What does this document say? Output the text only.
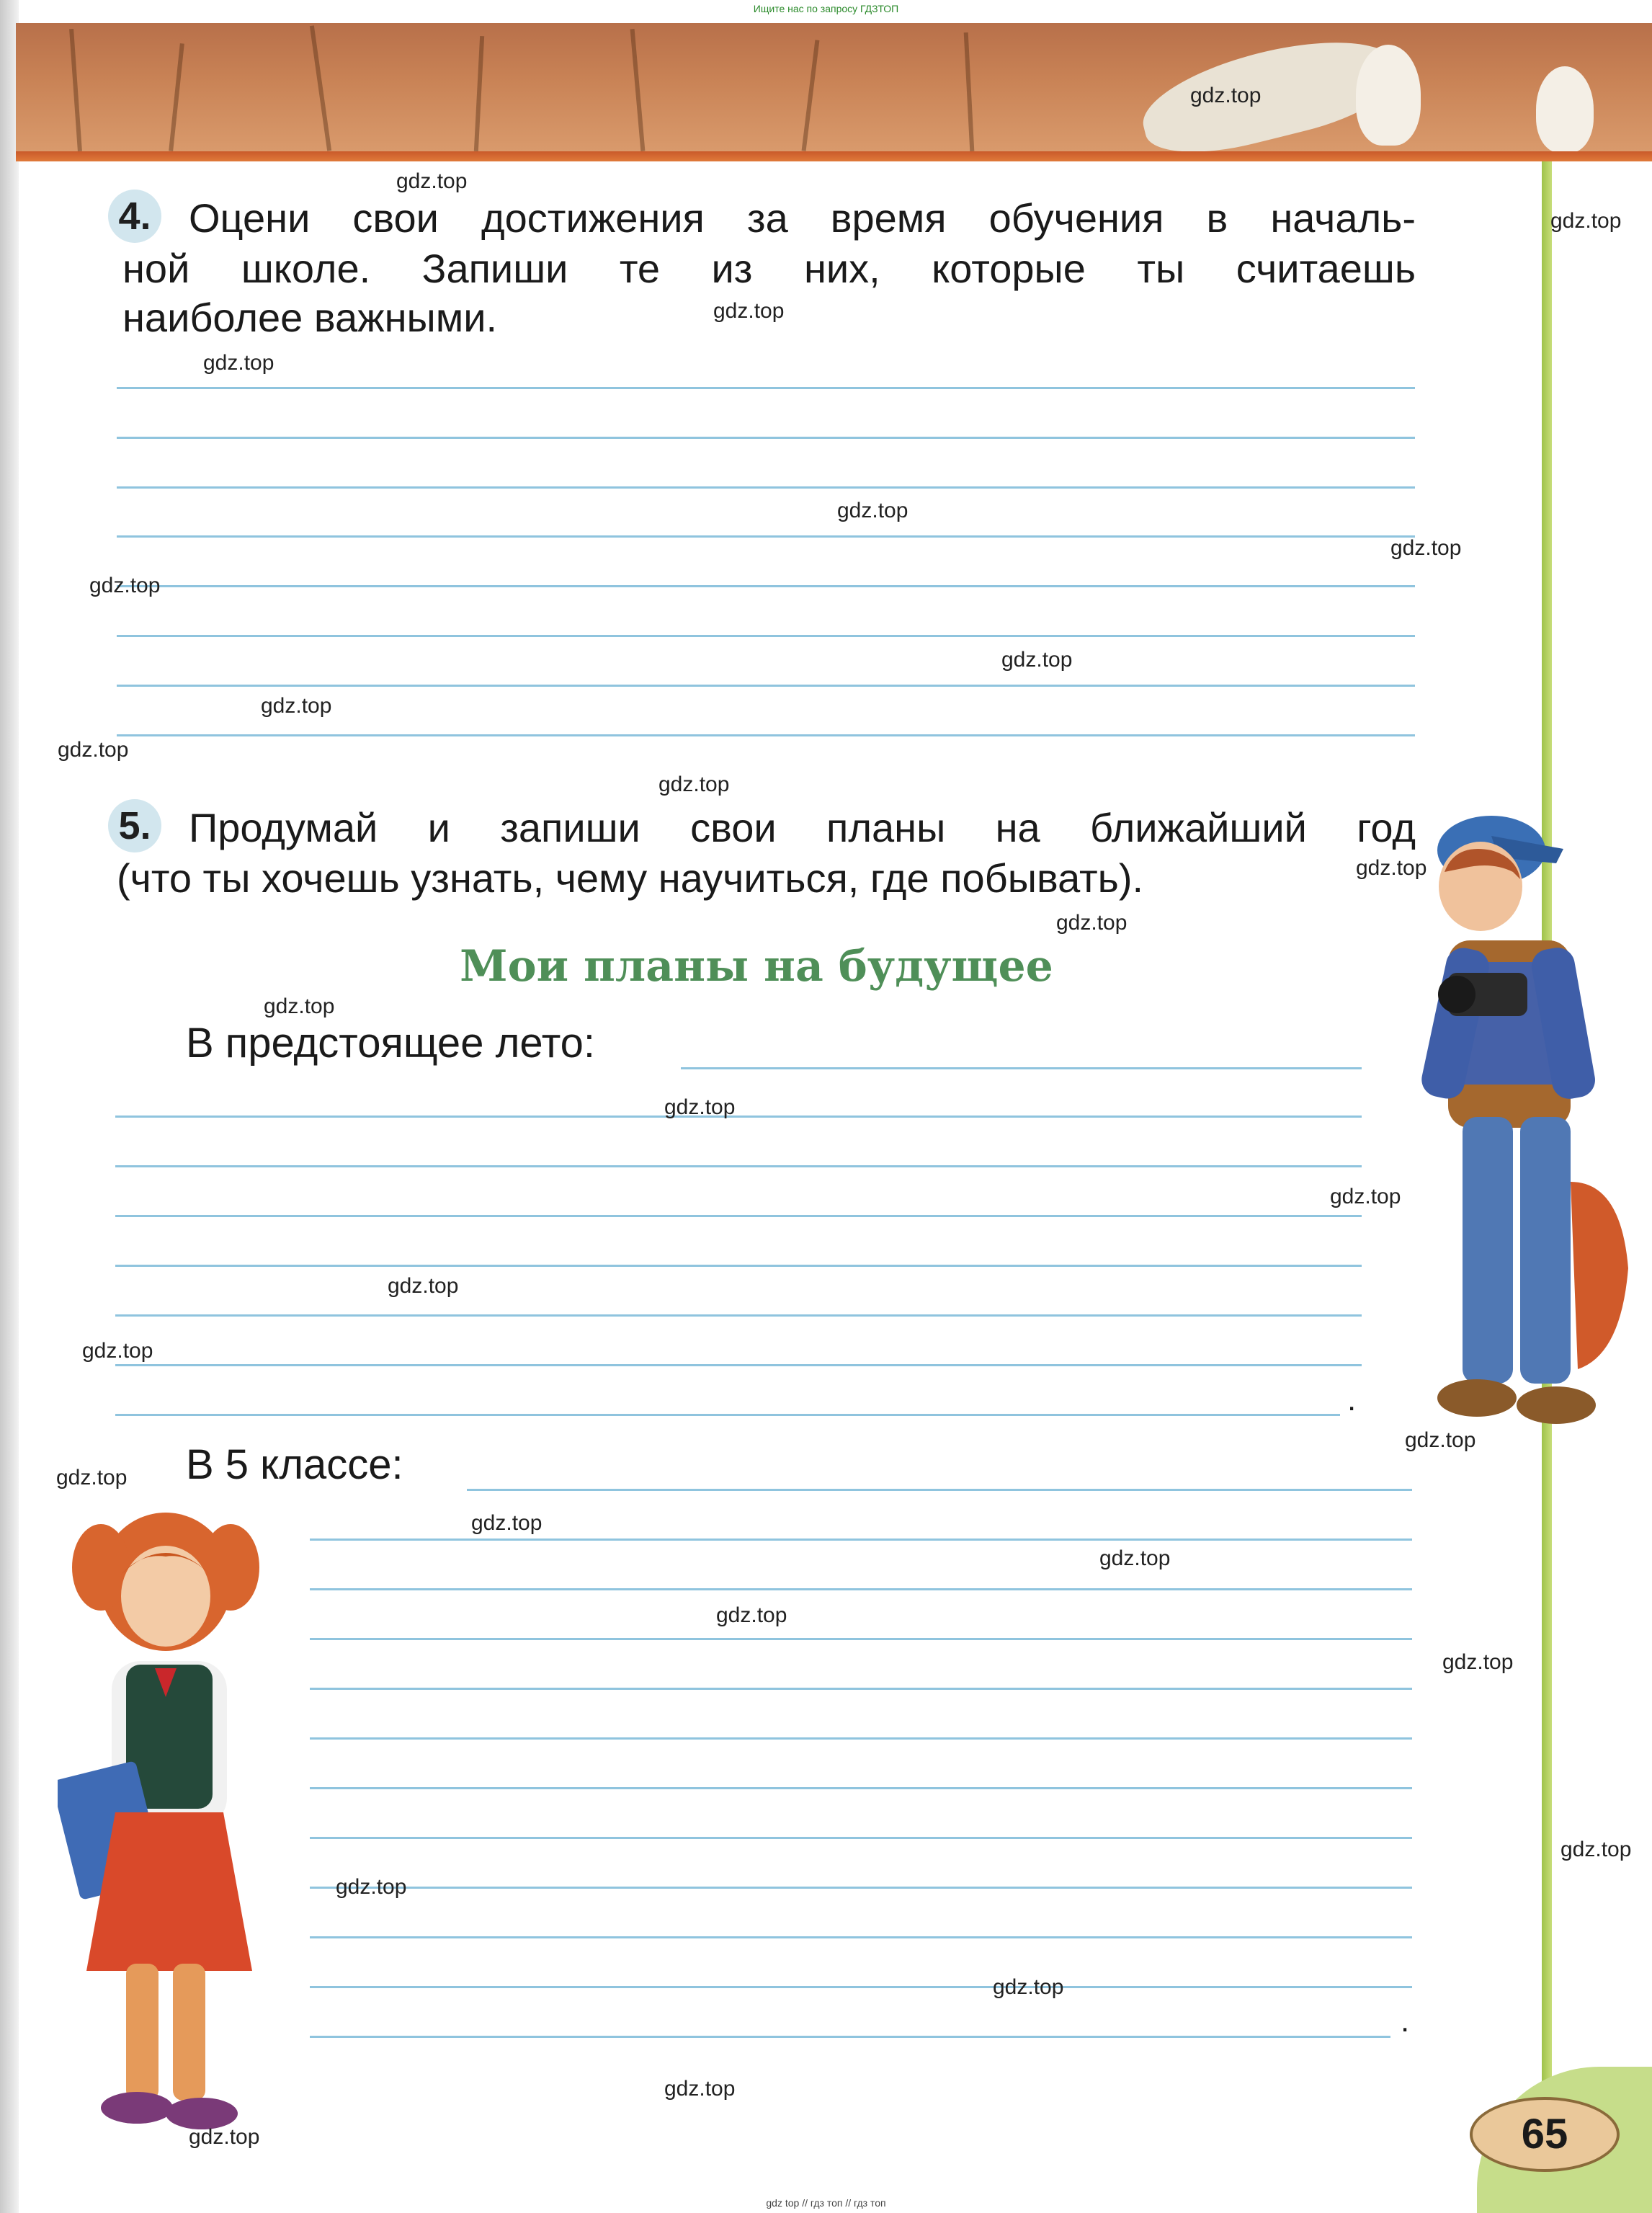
Ищите нас по запросу ГДЗТОП
4. Оцени свои достижения за время обучения в началь-
ной школе. Запиши те из них, которые ты считаешь
наиболее важными.
5. Продумай и запиши свои планы на ближайший год
(что ты хочешь узнать, чему научиться, где побывать).
Мои планы на будущее
В предстоящее лето:
.
В 5 классе:
.
65
gdz.top
gdz.top
gdz.top
gdz.top
gdz.top
gdz.top
gdz.top
gdz.top
gdz.top
gdz.top
gdz.top
gdz.top
gdz.top
gdz.top
gdz.top
gdz.top
gdz.top
gdz.top
gdz.top
gdz.top
gdz.top
gdz.top
gdz.top
gdz.top
gdz.top
gdz.top
gdz.top
gdz.top
gdz.top
gdz.top
gdz top // гдз топ // гдз топ
